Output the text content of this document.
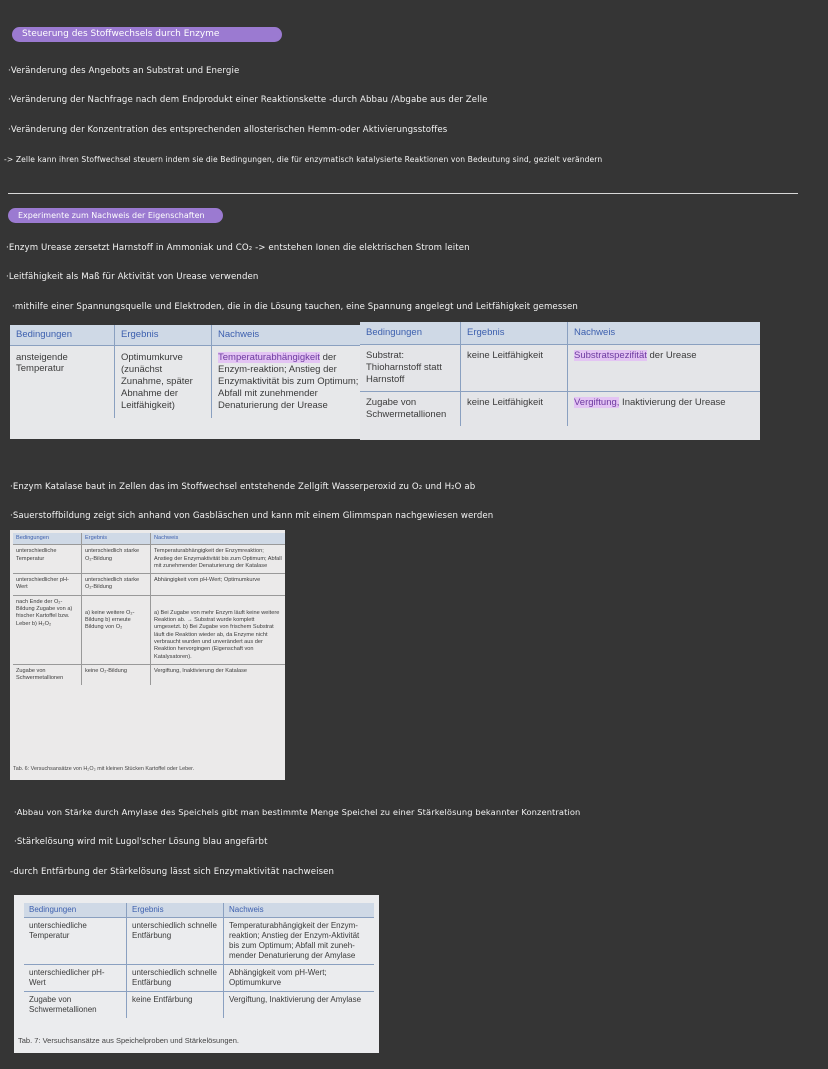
Steuerung des Stoffwechsels durch Enzyme
·Veränderung des Angebots an Substrat und Energie
·Veränderung der Nachfrage nach dem Endprodukt einer Reaktionskette -durch Abbau /Abgabe aus der Zelle
·Veränderung der Konzentration des entsprechenden allosterischen Hemm-oder Aktivierungsstoffes
-> Zelle kann ihren Stoffwechsel steuern indem sie die Bedingungen, die für enzymatisch katalysierte Reaktionen von Bedeutung sind, gezielt verändern
Experimente zum Nachweis der Eigenschaften
·Enzym Urease zersetzt Harnstoff in Ammoniak und CO₂ -> entstehen Ionen die elektrischen Strom leiten
·Leitfähigkeit als Maß für Aktivität von Urease verwenden
·mithilfe einer Spannungsquelle und Elektroden, die in die Lösung tauchen, eine Spannung angelegt und Leitfähigkeit gemessen
Bedingungen	Ergebnis	Nachweis
ansteigende Temperatur	Optimumkurve (zunächst Zunahme, später Abnahme der Leitfähigkeit)	Temperaturabhängigkeit der Enzym-reaktion; Anstieg der Enzymaktivität bis zum Optimum; Abfall mit zunehmender Denaturierung der Urease
Bedingungen	Ergebnis	Nachweis
Substrat: Thioharnstoff statt Harnstoff	keine Leitfähigkeit	Substratspezifität der Urease
Zugabe von Schwermetallionen	keine Leitfähigkeit	Vergiftung, Inaktivierung der Urease
·Enzym Katalase baut in Zellen das im Stoffwechsel entstehende Zellgift Wasserperoxid zu O₂ und H₂O ab
·Sauerstoffbildung zeigt sich anhand von Gasbläschen und kann mit einem Glimmspan nachgewiesen werden
Bedingungen	Ergebnis	Nachweis
unterschiedliche Temperatur	unterschiedlich starke O₂-Bildung	Temperaturabhängigkeit der Enzymreaktion; Anstieg der Enzymaktivität bis zum Optimum; Abfall mit zunehmender Denaturierung der Katalase
unterschiedlicher pH-Wert	unterschiedlich starke O₂-Bildung	Abhängigkeit vom pH-Wert; Optimumkurve
nach Ende der O₂-Bildung Zugabe von a) frischer Kartoffel bzw. Leber b) H₂O₂	a) keine weitere O₂-Bildung b) erneute Bildung von O₂	a) Bei Zugabe von mehr Enzym läuft keine weitere Reaktion ab. → Substrat wurde komplett umgesetzt. b) Bei Zugabe von frischem Substrat läuft die Reaktion wieder ab, da Enzyme nicht verbraucht wurden und unverändert aus der Reaktion hervorgingen (Eigenschaft von Katalysatoren).
Zugabe von Schwermetallionen	keine O₂-Bildung	Vergiftung, Inaktivierung der Katalase
Tab. 6: Versuchsansätze von H₂O₂ mit kleinen Stücken Kartoffel oder Leber.
·Abbau von Stärke durch Amylase des Speichels gibt man bestimmte Menge Speichel zu einer Stärkelösung bekannter Konzentration
·Stärkelösung wird mit Lugol'scher Lösung blau angefärbt
-durch Entfärbung der Stärkelösung lässt sich Enzymaktivität nachweisen
Bedingungen	Ergebnis	Nachweis
unterschiedliche Temperatur	unterschiedlich schnelle Entfärbung	Temperaturabhängigkeit der Enzym-reaktion; Anstieg der Enzym-Aktivität bis zum Optimum; Abfall mit zuneh-mender Denaturierung der Amylase
unterschiedlicher pH-Wert	unterschiedlich schnelle Entfärbung	Abhängigkeit vom pH-Wert; Optimumkurve
Zugabe von Schwermetallionen	keine Entfärbung	Vergiftung, Inaktivierung der Amylase
Tab. 7: Versuchsansätze aus Speichelproben und Stärkelösungen.
